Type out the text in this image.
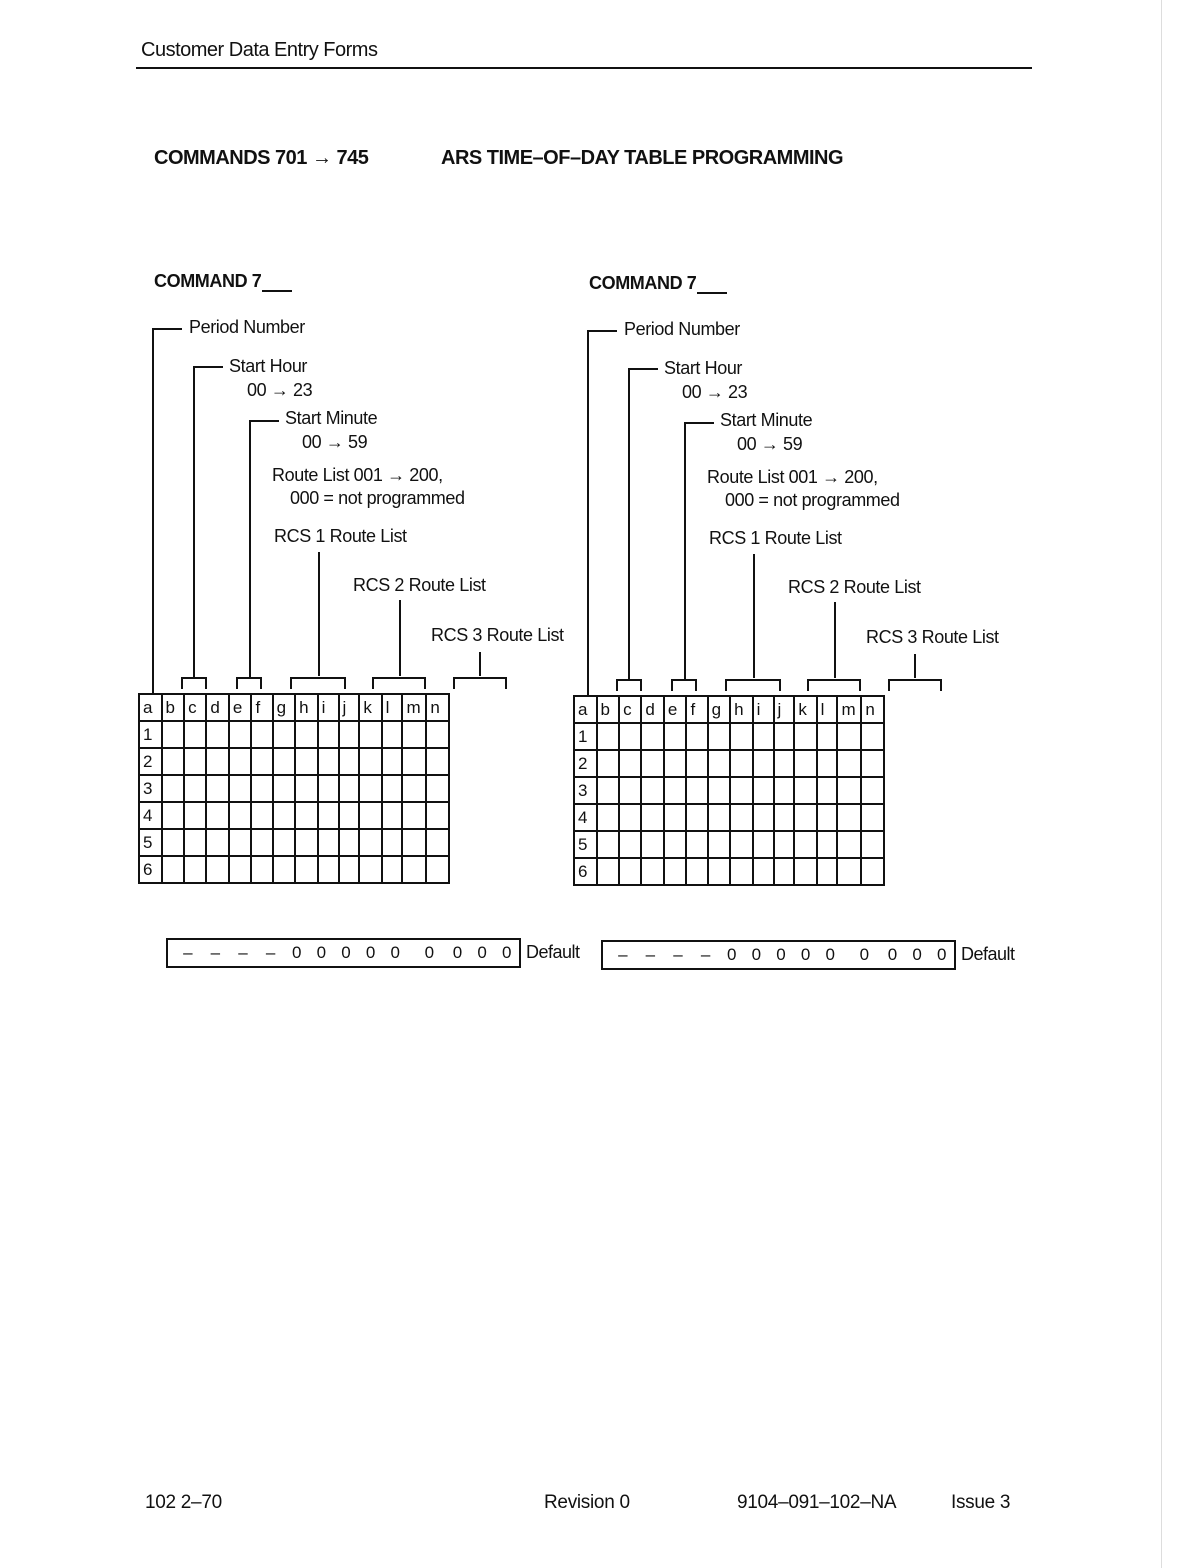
Customer Data Entry Forms
COMMANDS 701 → 745	ARS TIME–OF–DAY TABLE PROGRAMMING
COMMAND 7
Period Number
Start Hour
00 → 23
Start Minute
00 → 59
Route List 001 → 200,
000 = not programmed
RCS 1 Route List
RCS 2 Route List
RCS 3 Route List
a	b	c	d	e	f	g	h	i	j	k	l	m	n
1													
2													
3													
4													
5													
6													
–	–	–	– 0 0 0 0 0	0	0 0 0 Default
COMMAND 7
Period Number
Start Hour
00 → 23
Start Minute
00 → 59
Route List 001 → 200,
000 = not programmed
RCS 1 Route List
RCS 2 Route List
RCS 3 Route List
a	b	c	d	e	f	g	h	i	j	k	l	m	n
1													
2													
3													
4													
5													
6													
–	–	–	– 0 0 0 0 0	0	0 0 0 Default
102 2–70	Revision 0	9104–091–102–NA	Issue 3
